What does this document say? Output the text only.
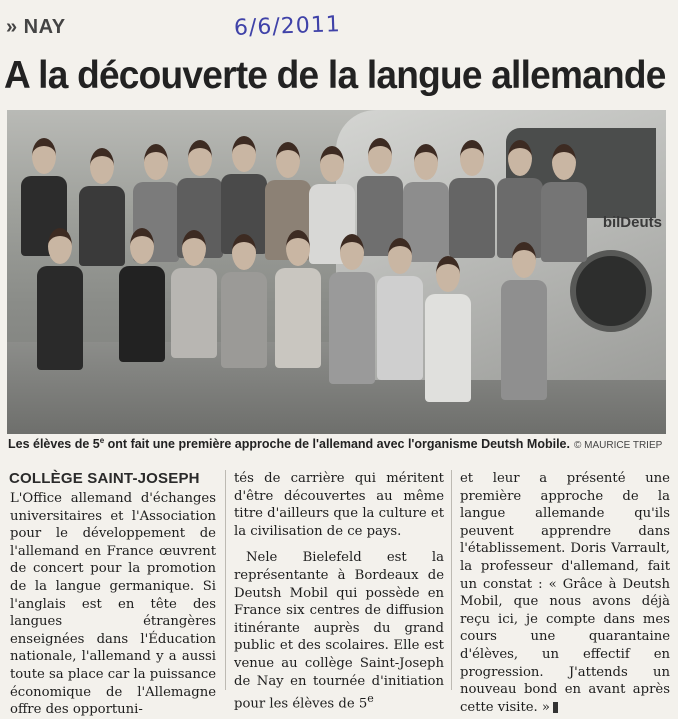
» NAY	6/6/2011
A la découverte de la langue allemande
bilDeuts
Les élèves de 5e ont fait une première approche de l'allemand avec l'organisme Deutsh Mobile. © MAURICE TRIEP
COLLÈGE SAINT-JOSEPH

L'Office allemand d'échanges universitaires et l'Association pour le développement de l'allemand en France œuvrent de concert pour la promotion de la langue germanique. Si l'anglais est en tête des langues étrangères enseignées dans l'Éducation nationale, l'allemand y a aussi toute sa place car la puissance économique de l'Allemagne offre des opportuni-

tés de carrière qui méritent d'être découvertes au même titre d'ailleurs que la culture et la civilisation de ce pays.

Nele Bielefeld est la représentante à Bordeaux de Deutsh Mobil qui possède en France six centres de diffusion itinérante auprès du grand public et des scolaires. Elle est venue au collège Saint-Joseph de Nay en tournée d'initiation pour les élèves de 5e

et leur a présenté une première approche de la langue allemande qu'ils peuvent apprendre dans l'établissement. Doris Varrault, la professeur d'allemand, fait un constat : « Grâce à Deutsh Mobil, que nous avons déjà reçu ici, je compte dans mes cours une quarantaine d'élèves, un effectif en progression. J'attends un nouveau bond en avant après cette visite. »
